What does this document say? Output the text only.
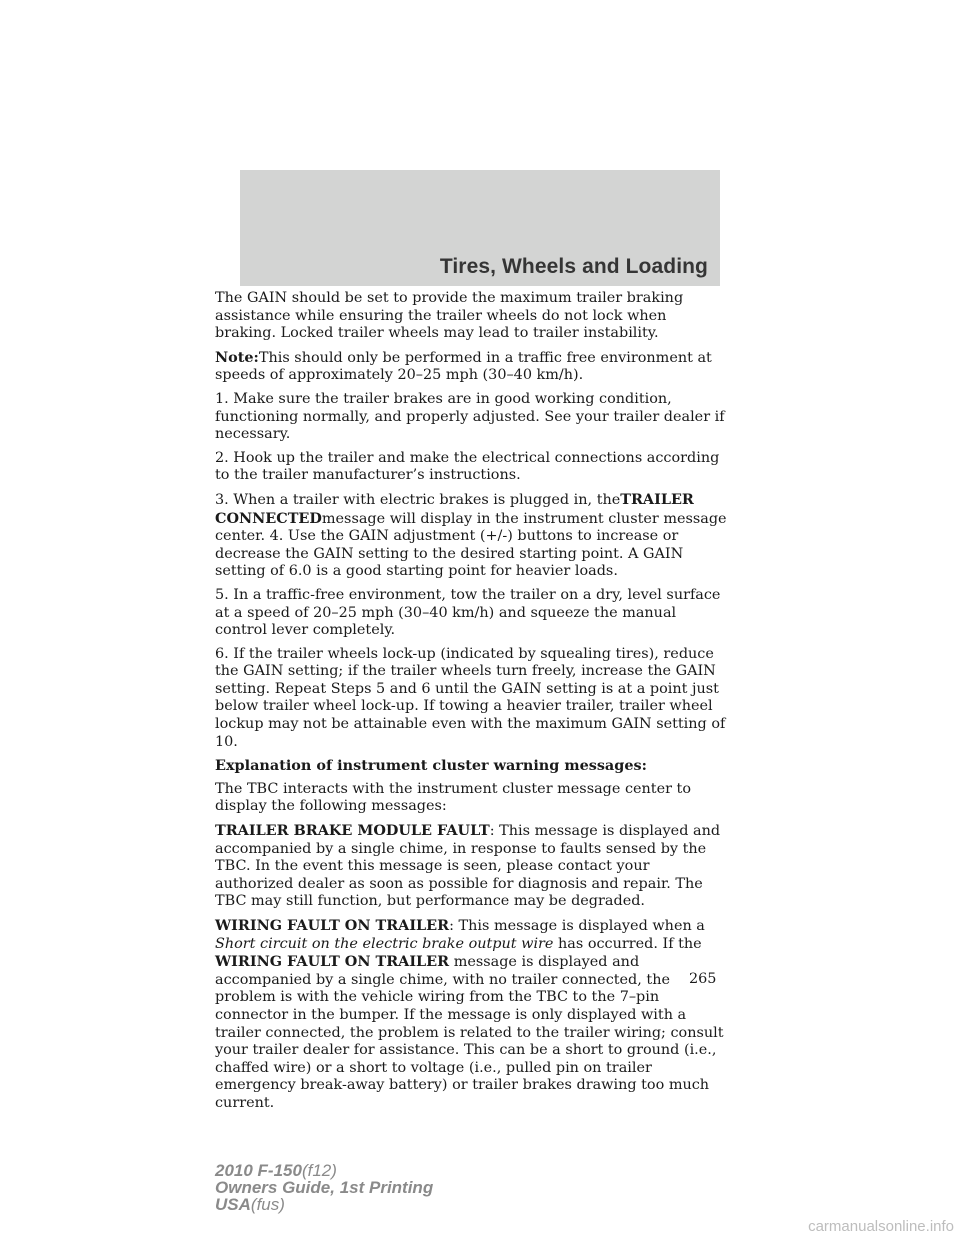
Tires, Wheels and Loading

The GAIN should be set to provide the maximum trailer braking assistance while ensuring the trailer wheels do not lock when braking. Locked trailer wheels may lead to trailer instability.

Note:This should only be performed in a traffic free environment at speeds of approximately 20–25 mph (30–40 km/h).

1. Make sure the trailer brakes are in good working condition, functioning normally, and properly adjusted. See your trailer dealer if necessary.

2. Hook up the trailer and make the electrical connections according to the trailer manufacturer’s instructions.

3. When a trailer with electric brakes is plugged in, theTRAILER CONNECTEDmessage will display in the instrument cluster message center. 4. Use the GAIN adjustment (+/-) buttons to increase or decrease the GAIN setting to the desired starting point. A GAIN setting of 6.0 is a good starting point for heavier loads.

5. In a traffic-free environment, tow the trailer on a dry, level surface at a speed of 20–25 mph (30–40 km/h) and squeeze the manual control lever completely.

6. If the trailer wheels lock-up (indicated by squealing tires), reduce the GAIN setting; if the trailer wheels turn freely, increase the GAIN setting. Repeat Steps 5 and 6 until the GAIN setting is at a point just below trailer wheel lock-up. If towing a heavier trailer, trailer wheel lockup may not be attainable even with the maximum GAIN setting of 10.

Explanation of instrument cluster warning messages:

The TBC interacts with the instrument cluster message center to display the following messages:

TRAILER BRAKE MODULE FAULT: This message is displayed and accompanied by a single chime, in response to faults sensed by the TBC. In the event this message is seen, please contact your authorized dealer as soon as possible for diagnosis and repair. The TBC may still function, but performance may be degraded.

WIRING FAULT ON TRAILER: This message is displayed when a Short circuit on the electric brake output wire has occurred. If the WIRING FAULT ON TRAILER message is displayed and accompanied by a single chime, with no trailer connected, the problem is with the vehicle wiring from the TBC to the 7–pin connector in the bumper. If the message is only displayed with a trailer connected, the problem is related to the trailer wiring; consult your trailer dealer for assistance. This can be a short to ground (i.e., chaffed wire) or a short to voltage (i.e., pulled pin on trailer emergency break-away battery) or trailer brakes drawing too much current.

265
2010 F-150(f12)
Owners Guide, 1st Printing
USA(fus)
carmanualsonline.info
